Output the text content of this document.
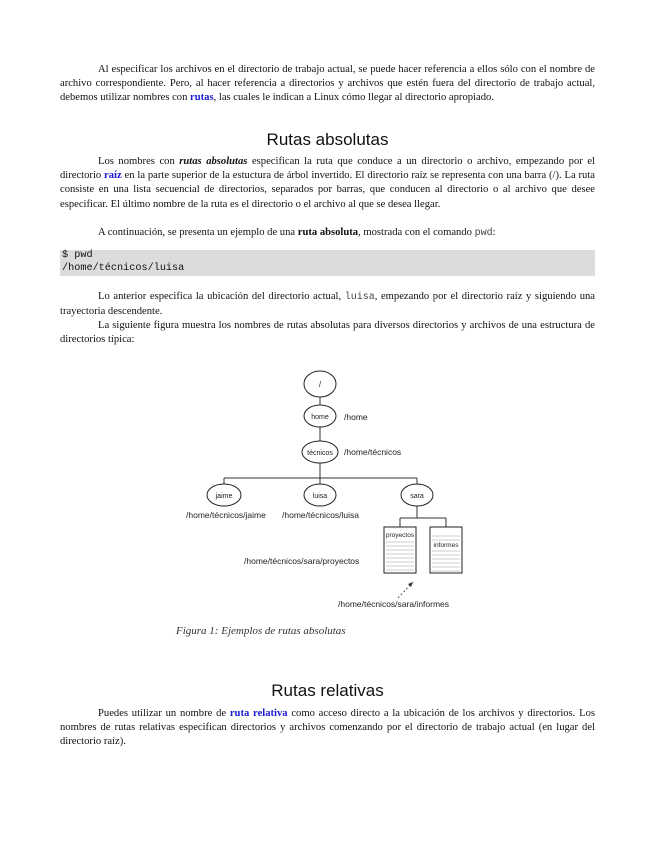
Al especificar los archivos en el directorio de trabajo actual, se puede hacer referencia a ellos sólo con el nombre de archivo correspondiente. Pero, al hacer referencia a directorios y archivos que estén fuera del directorio de trabajo actual, debemos utilizar nombres con rutas, las cuales le indican a Linux cómo llegar al directorio apropiado.

Rutas absolutas

Los nombres con rutas absolutas especifican la ruta que conduce a un directorio o archivo, empezando por el directorio raíz en la parte superior de la estuctura de árbol invertido. El directorio raíz se representa con una barra (/). La ruta consiste en una lista secuencial de directorios, separados por barras, que conducen al directorio o al archivo que desee especificar. El último nombre de la ruta es el directorio o el archivo al que se desea llegar.

A continuación, se presenta un ejemplo de una ruta absoluta, mostrada con el comando pwd:

$ pwd
/home/técnicos/luisa

Lo anterior especifica la ubicación del directorio actual, luisa, empezando por el directorio raíz y siguiendo una trayectoria descendente.

La siguiente figura muestra los nombres de rutas absolutas para diversos directorios y archivos de una estructura de directorios típica:

/
home /home
técnicos /home/técnicos
jaime	luisa	sara
/home/técnicos/jaime /home/técnicos/luisa
proyectos
informes
/home/técnicos/sara/proyectos
/home/técnicos/sara/informes
Figura 1: Ejemplos de rutas absolutas
Rutas relativas

Puedes utilizar un nombre de ruta relativa como acceso directo a la ubicación de los archivos y directorios. Los nombres de rutas relativas especifican directorios y archivos comenzando por el directorio de trabajo actual (en lugar del directorio raíz).
